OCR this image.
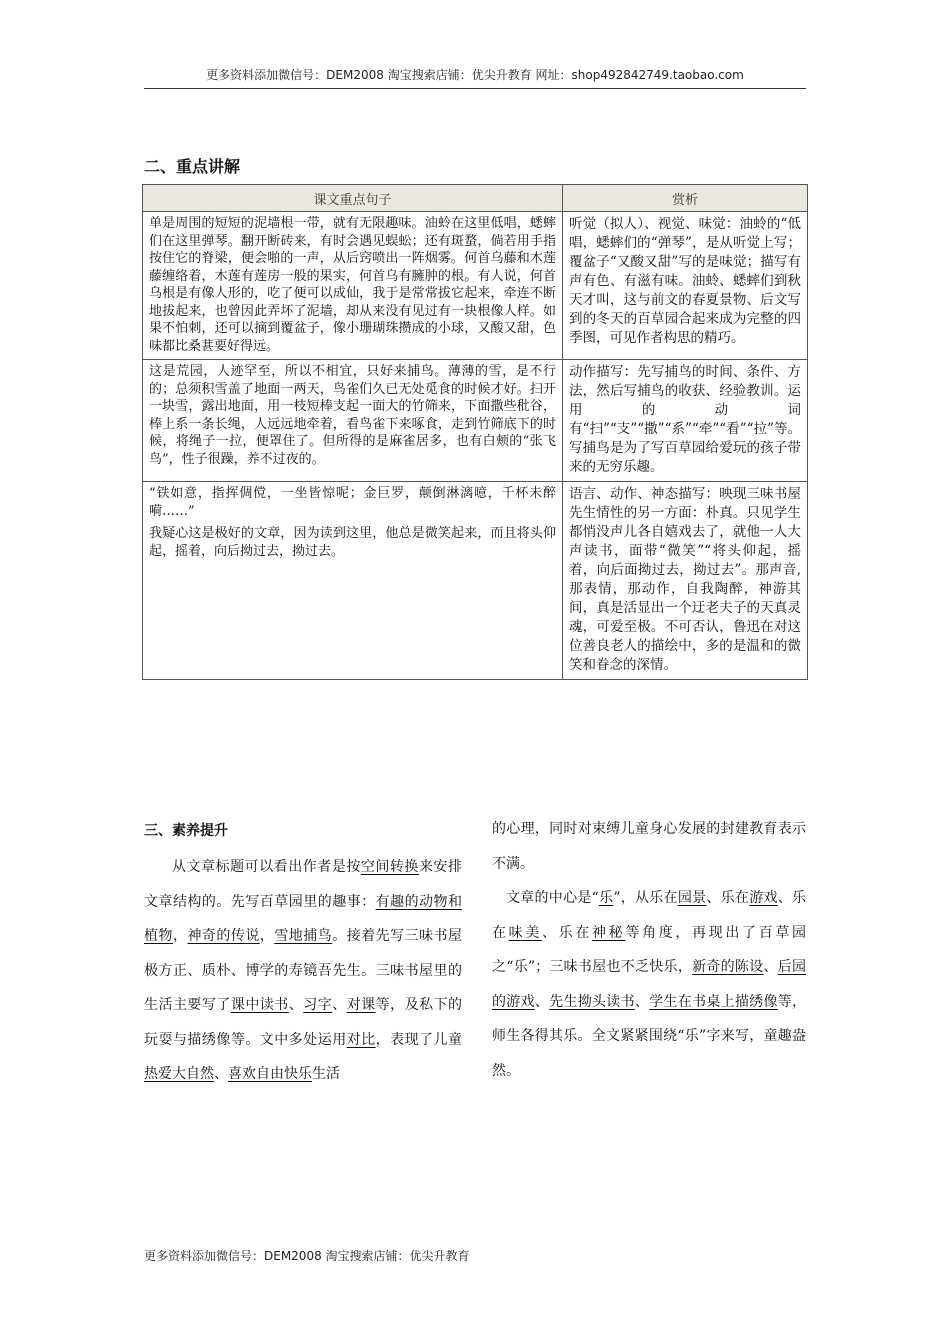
更多资料添加微信号：DEM2008 淘宝搜索店铺：优尖升教育 网址：shop492842749.taobao.com
二、重点讲解
课文重点句子	赏析

单是周围的短短的泥墙根一带，就有无限趣味。油蛉在这里低唱，蟋蟀们在这里弹琴。翻开断砖来，有时会遇见蜈蚣；还有斑蝥，倘若用手指按住它的脊梁，便会啪的一声，从后窍喷出一阵烟雾。何首乌藤和木莲藤缠络着，木莲有莲房一般的果实，何首乌有臃肿的根。有人说，何首乌根是有像人形的，吃了便可以成仙，我于是常常拔它起来，牵连不断地拔起来，也曾因此弄坏了泥墙，却从来没有见过有一块根像人样。如果不怕刺，还可以摘到覆盆子，像小珊瑚珠攒成的小球，又酸又甜，色味都比桑葚要好得远。	听觉（拟人）、视觉、味觉：油蛉的“低唱，蟋蟀们的“弹琴”，是从听觉上写；覆盆子“又酸又甜”写的是味觉；描写有声有色、有滋有味。油蛉、蟋蟀们到秋天才叫，这与前文的春夏景物、后文写到的冬天的百草园合起来成为完整的四季图，可见作者构思的精巧。

这是荒园，人迹罕至，所以不相宜，只好来捕鸟。薄薄的雪，是不行的；总须积雪盖了地面一两天，鸟雀们久已无处觅食的时候才好。扫开一块雪，露出地面，用一枝短棒支起一面大的竹筛来，下面撒些秕谷，棒上系一条长绳，人远远地牵着，看鸟雀下来啄食，走到竹筛底下的时候，将绳子一拉，便罩住了。但所得的是麻雀居多，也有白颊的“张飞鸟”，性子很躁，养不过夜的。	动作描写：先写捕鸟的时间、条件、方法，然后写捕鸟的收获、经验教训。运用的动词有“扫”“支”“撒”“系”“牵”“看”“拉”等。写捕鸟是为了写百草园给爱玩的孩子带来的无穷乐趣。

“铁如意，指挥倜傥，一坐皆惊呢；金巨罗，颠倒淋漓噫，千杯未醉嗬……”

我疑心这是极好的文章，因为读到这里，他总是微笑起来，而且将头仰起，摇着，向后拗过去，拗过去。	语言、动作、神态描写：映现三味书屋先生情性的另一方面：朴真。只见学生都悄没声儿各自嬉戏去了，就他一人大声读书，面带“微笑”“将头仰起，摇着，向后面拗过去，拗过去”。那声音,那表情，那动作，自我陶醉，神游其间，真是活显出一个迂老夫子的天真灵魂，可爱至极。不可否认，鲁迅在对这位善良老人的描绘中，多的是温和的微笑和眷念的深情。
三、素养提升
从文章标题可以看出作者是按空间转换来安排文章结构的。先写百草园里的趣事：有趣的动物和植物，神奇的传说，雪地捕鸟。接着先写三味书屋极方正、质朴、博学的寿镜吾先生。三味书屋里的生活主要写了课中读书、习字、对课等，及私下的玩耍与描绣像等。文中多处运用对比，表现了儿童热爱大自然、喜欢自由快乐生活

的心理，同时对束缚儿童身心发展的封建教育表示不满。

文章的中心是“乐”，从乐在园景、乐在游戏、乐在味美、乐在神秘等角度，再现出了百草园之“乐”；三味书屋也不乏快乐，新奇的陈设、后园的游戏、先生拗头读书、学生在书桌上描绣像等，师生各得其乐。全文紧紧围绕“乐”字来写，童趣盎然。

更多资料添加微信号：DEM2008 淘宝搜索店铺：优尖升教育
